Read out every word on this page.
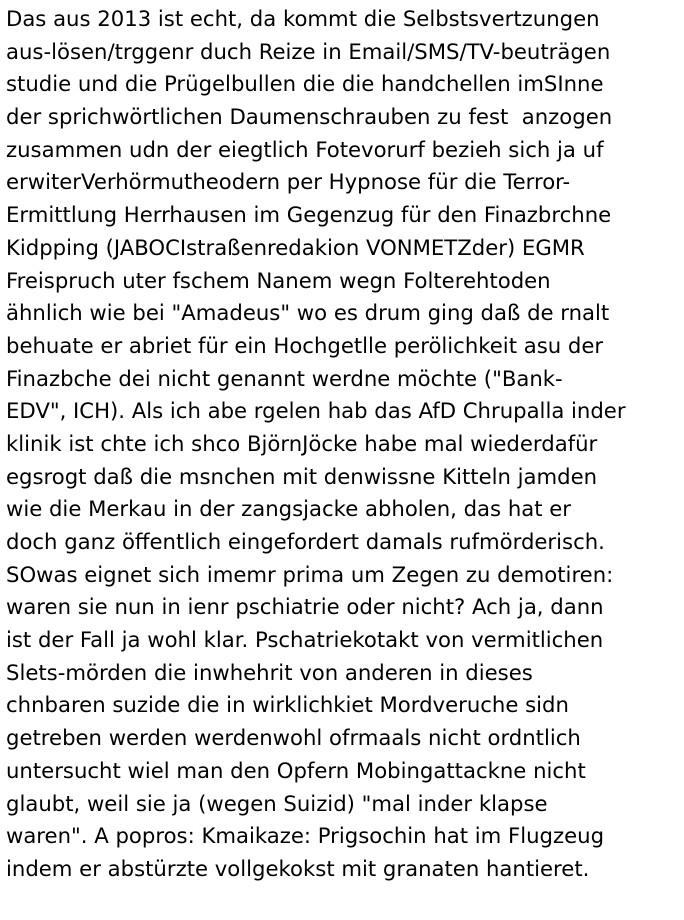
Das aus 2013 ist echt, da kommt die Selbstsvertzungen
aus-lösen/trggenr duch Reize in Email/SMS/TV-beuträgen
studie und die Prügelbullen die die handchellen imSInne
der sprichwörtlichen Daumenschrauben zu fest  anzogen
zusammen udn der eiegtlich Fotevorurf bezieh sich ja uf
erwiterVerhörmutheodern per Hypnose für die Terror-
Ermittlung Herrhausen im Gegenzug für den Finazbrchne
Kidpping (JABOCIstraßenredakion VONMETZder) EGMR
Freispruch uter fschem Nanem wegn Folterehtoden
ähnlich wie bei "Amadeus" wo es drum ging daß de rnalt
behuate er abriet für ein Hochgetlle perölichkeit asu der
Finazbche dei nicht genannt werdne möchte ("Bank-
EDV", ICH). Als ich abe rgelen hab das AfD Chrupalla inder
klinik ist chte ich shco BjörnJöcke habe mal wiederdafür
egsrogt daß die msnchen mit denwissne Kitteln jamden
wie die Merkau in der zangsjacke abholen, das hat er
doch ganz öffentlich eingefordert damals rufmörderisch.
SOwas eignet sich imemr prima um Zegen zu demotiren:
waren sie nun in ienr pschiatrie oder nicht? Ach ja, dann
ist der Fall ja wohl klar. Pschatriekotakt von vermitlichen
Slets-mörden die inwhehrit von anderen in dieses
chnbaren suzide die in wirklichkiet Mordveruche sidn
getreben werden werdenwohl ofrmaals nicht ordntlich
untersucht wiel man den Opfern Mobingattackne nicht
glaubt, weil sie ja (wegen Suizid) "mal inder klapse
waren". A popros: Kmaikaze: Prigsochin hat im Flugzeug
indem er abstürzte vollgekokst mit granaten hantieret.
